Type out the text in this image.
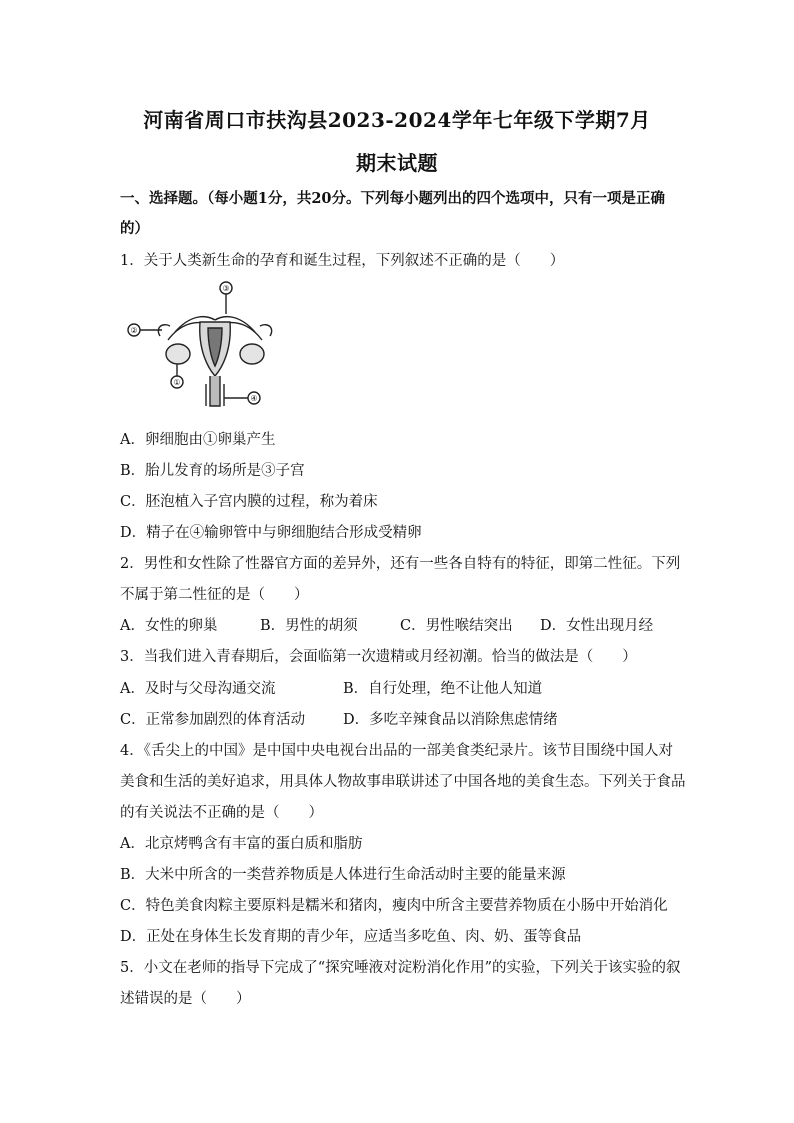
河南省周口市扶沟县2023-2024学年七年级下学期7月
期末试题
一、选择题。（每小题1分，共20分。下列每小题列出的四个选项中，只有一项是正确
的）
1．关于人类新生命的孕育和诞生过程，下列叙述不正确的是（　　）
①
②
③
④
A．卵细胞由①卵巢产生
B．胎儿发育的场所是③子宫
C．胚泡植入子宫内膜的过程，称为着床
D．精子在④输卵管中与卵细胞结合形成受精卵
2．男性和女性除了性器官方面的差异外，还有一些各自特有的特征，即第二性征。下列
不属于第二性征的是（　　）
A．女性的卵巢	B．男性的胡须	C．男性喉结突出 D．女性出现月经
3．当我们进入青春期后，会面临第一次遗精或月经初潮。恰当的做法是（　　）
A．及时与父母沟通交流	B．自行处理，绝不让他人知道
C．正常参加剧烈的体育活动	D．多吃辛辣食品以消除焦虑情绪
4．《舌尖上的中国》是中国中央电视台出品的一部美食类纪录片。该节目围绕中国人对
美食和生活的美好追求，用具体人物故事串联讲述了中国各地的美食生态。下列关于食品
的有关说法不正确的是（　　）
A．北京烤鸭含有丰富的蛋白质和脂肪
B．大米中所含的一类营养物质是人体进行生命活动时主要的能量来源
C．特色美食肉粽主要原料是糯米和猪肉，瘦肉中所含主要营养物质在小肠中开始消化
D．正处在身体生长发育期的青少年，应适当多吃鱼、肉、奶、蛋等食品
5．小文在老师的指导下完成了“探究唾液对淀粉消化作用”的实验，下列关于该实验的叙
述错误的是（　　）
